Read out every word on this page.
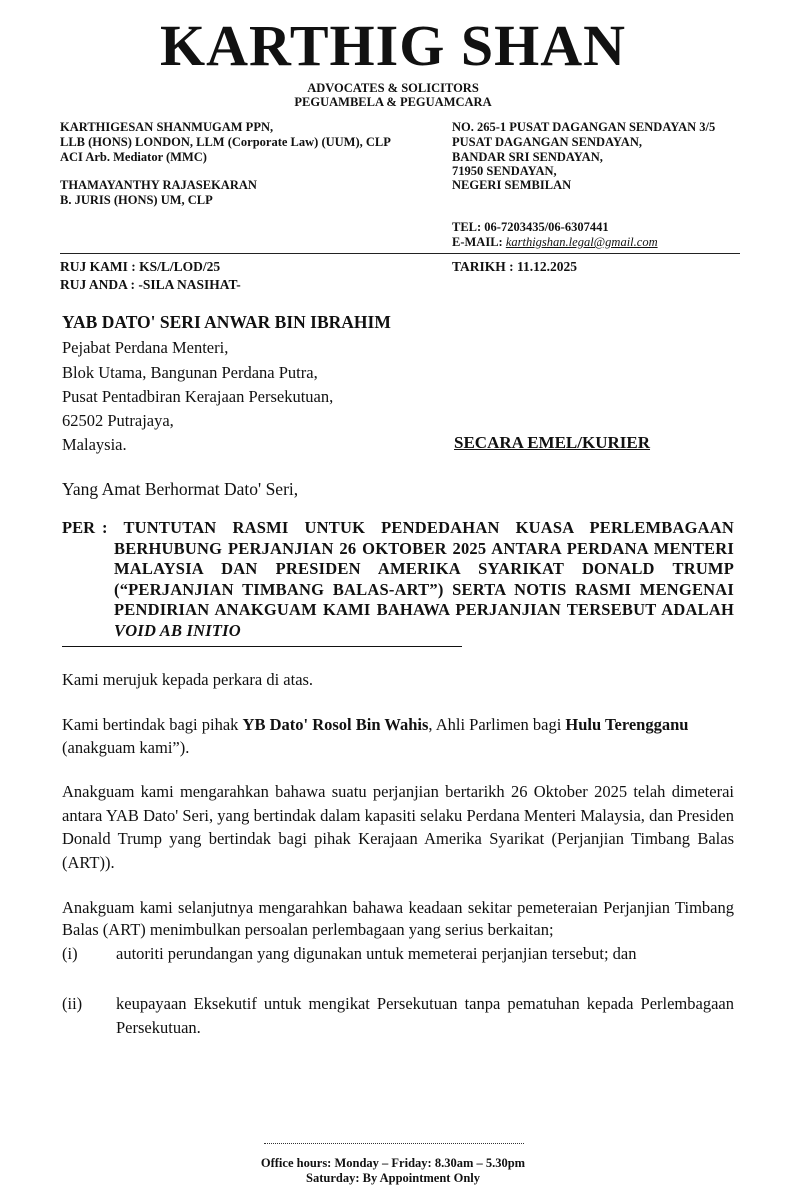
KARTHIG SHAN
ADVOCATES & SOLICITORS
PEGUAMBELA & PEGUAMCARA
KARTHIGESAN SHANMUGAM PPN,
LLB (HONS) LONDON, LLM (Corporate Law) (UUM), CLP
ACI Arb. Mediator (MMC)
THAMAYANTHY RAJASEKARAN
B. JURIS (HONS) UM, CLP
NO. 265-1 PUSAT DAGANGAN SENDAYAN 3/5
PUSAT DAGANGAN SENDAYAN,
BANDAR SRI SENDAYAN,
71950 SENDAYAN,
NEGERI SEMBILAN
TEL: 06-7203435/06-6307441
E-MAIL: karthigshan.legal@gmail.com
RUJ KAMI : KS/L/LOD/25
RUJ ANDA : -SILA NASIHAT-
TARIKH : 11.12.2025
YAB DATO' SERI ANWAR BIN IBRAHIM
Pejabat Perdana Menteri,
Blok Utama, Bangunan Perdana Putra,
Pusat Pentadbiran Kerajaan Persekutuan,
62502 Putrajaya,
Malaysia.	SECARA EMEL/KURIER
Yang Amat Berhormat Dato' Seri,
PER : TUNTUTAN RASMI UNTUK PENDEDAHAN KUASA PERLEMBAGAAN BERHUBUNG PERJANJIAN 26 OKTOBER 2025 ANTARA PERDANA MENTERI MALAYSIA DAN PRESIDEN AMERIKA SYARIKAT DONALD TRUMP (“PERJANJIAN TIMBANG BALAS-ART”) SERTA NOTIS RASMI MENGENAI PENDIRIAN ANAKGUAM KAMI BAHAWA PERJANJIAN TERSEBUT ADALAH VOID AB INITIO
Kami merujuk kepada perkara di atas.
Kami bertindak bagi pihak YB Dato' Rosol Bin Wahis, Ahli Parlimen bagi Hulu Terengganu (anakguam kami”).
Anakguam kami mengarahkan bahawa suatu perjanjian bertarikh 26 Oktober 2025 telah dimeterai antara YAB Dato' Seri, yang bertindak dalam kapasiti selaku Perdana Menteri Malaysia, dan Presiden Donald Trump yang bertindak bagi pihak Kerajaan Amerika Syarikat (Perjanjian Timbang Balas (ART)).
Anakguam kami selanjutnya mengarahkan bahawa keadaan sekitar pemeteraian Perjanjian Timbang Balas (ART) menimbulkan persoalan perlembagaan yang serius berkaitan;
(i) autoriti perundangan yang digunakan untuk memeterai perjanjian tersebut; dan
(ii) keupayaan Eksekutif untuk mengikat Persekutuan tanpa pematuhan kepada Perlembagaan Persekutuan.
Office hours: Monday – Friday: 8.30am – 5.30pm
Saturday: By Appointment Only
